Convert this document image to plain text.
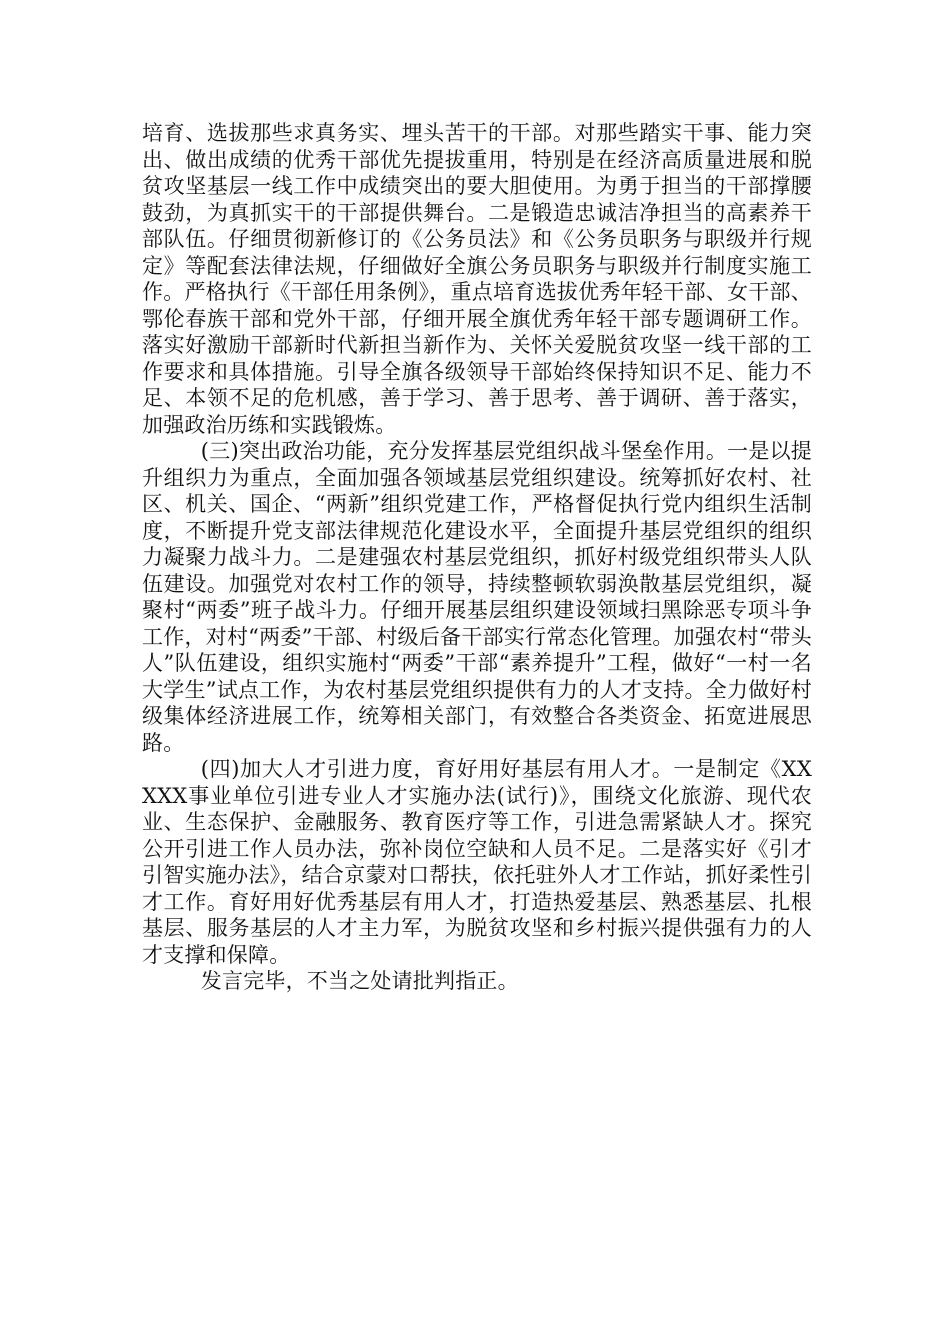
培育、选拔那些求真务实、埋头苦干的干部。对那些踏实干事、能力突出、做出成绩的优秀干部优先提拔重用，特别是在经济高质量进展和脱贫攻坚基层一线工作中成绩突出的要大胆使用。为勇于担当的干部撑腰鼓劲，为真抓实干的干部提供舞台。二是锻造忠诚洁净担当的高素养干部队伍。仔细贯彻新修订的《公务员法》和《公务员职务与职级并行规定》等配套法律法规，仔细做好全旗公务员职务与职级并行制度实施工作。严格执行《干部任用条例》，重点培育选拔优秀年轻干部、女干部、鄂伦春族干部和党外干部，仔细开展全旗优秀年轻干部专题调研工作。落实好激励干部新时代新担当新作为、关怀关爱脱贫攻坚一线干部的工作要求和具体措施。引导全旗各级领导干部始终保持知识不足、能力不足、本领不足的危机感，善于学习、善于思考、善于调研、善于落实，加强政治历练和实践锻炼。

(三)突出政治功能，充分发挥基层党组织战斗堡垒作用。一是以提升组织力为重点，全面加强各领域基层党组织建设。统筹抓好农村、社区、机关、国企、“两新”组织党建工作，严格督促执行党内组织生活制度，不断提升党支部法律规范化建设水平，全面提升基层党组织的组织力凝聚力战斗力。二是建强农村基层党组织，抓好村级党组织带头人队伍建设。加强党对农村工作的领导，持续整顿软弱涣散基层党组织，凝聚村“两委”班子战斗力。仔细开展基层组织建设领域扫黑除恶专项斗争工作，对村“两委”干部、村级后备干部实行常态化管理。加强农村“带头人”队伍建设，组织实施村“两委”干部“素养提升”工程，做好“一村一名大学生”试点工作，为农村基层党组织提供有力的人才支持。全力做好村级集体经济进展工作，统筹相关部门，有效整合各类资金、拓宽进展思路。

(四)加大人才引进力度，育好用好基层有用人才。一是制定《XXXXX事业单位引进专业人才实施办法(试行)》，围绕文化旅游、现代农业、生态保护、金融服务、教育医疗等工作，引进急需紧缺人才。探究公开引进工作人员办法，弥补岗位空缺和人员不足。二是落实好《引才引智实施办法》，结合京蒙对口帮扶，依托驻外人才工作站，抓好柔性引才工作。育好用好优秀基层有用人才，打造热爱基层、熟悉基层、扎根基层、服务基层的人才主力军，为脱贫攻坚和乡村振兴提供强有力的人才支撑和保障。

发言完毕，不当之处请批判指正。
